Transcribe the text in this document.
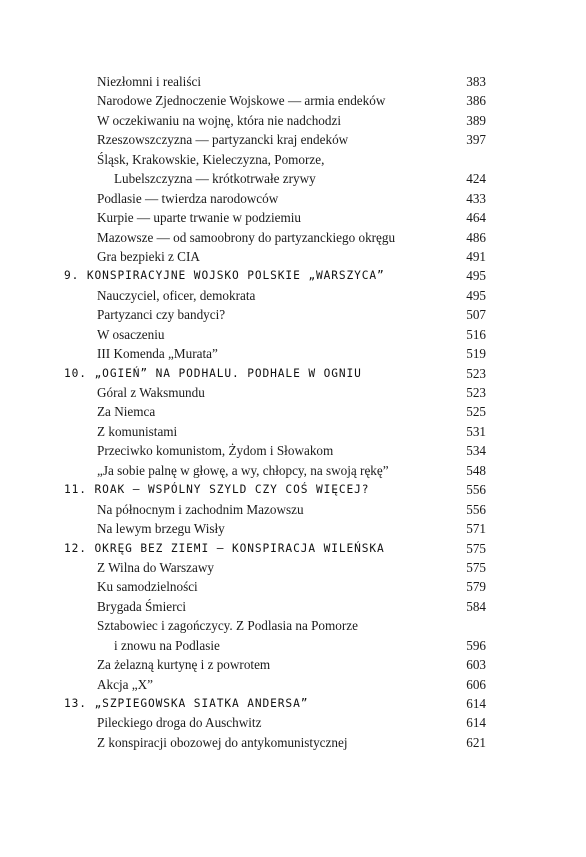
Niezłomni i realiści	383
Narodowe Zjednoczenie Wojskowe — armia endeków	386
W oczekiwaniu na wojnę, która nie nadchodzi	389
Rzeszowszczyzna — partyzancki kraj endeków	397
Śląsk, Krakowskie, Kieleczyzna, Pomorze,
Lubelszczyzna — krótkotrwałe zrywy	424
Podlasie — twierdza narodowców	433
Kurpie — uparte trwanie w podziemiu	464
Mazowsze — od samoobrony do partyzanckiego okręgu	486
Gra bezpieki z CIA	491
9. KONSPIRACYJNE WOJSKO POLSKIE „WARSZYCA”	495
Nauczyciel, oficer, demokrata	495
Partyzanci czy bandyci?	507
W osaczeniu	516
III Komenda „Murata”	519
10. „OGIEŃ” NA PODHALU. PODHALE W OGNIU	523
Góral z Waksmundu	523
Za Niemca	525
Z komunistami	531
Przeciwko komunistom, Żydom i Słowakom	534
„Ja sobie palnę w głowę, a wy, chłopcy, na swoją rękę”	548
11. ROAK – WSPÓLNY SZYLD CZY COŚ WIĘCEJ?	556
Na północnym i zachodnim Mazowszu	556
Na lewym brzegu Wisły	571
12. OKRĘG BEZ ZIEMI – KONSPIRACJA WILEŃSKA	575
Z Wilna do Warszawy	575
Ku samodzielności	579
Brygada Śmierci	584
Sztabowiec i zagończycy. Z Podlasia na Pomorze
i znowu na Podlasie	596
Za żelazną kurtynę i z powrotem	603
Akcja „X”	606
13. „SZPIEGOWSKA SIATKA ANDERSA”	614
Pileckiego droga do Auschwitz	614
Z konspiracji obozowej do antykomunistycznej	621
